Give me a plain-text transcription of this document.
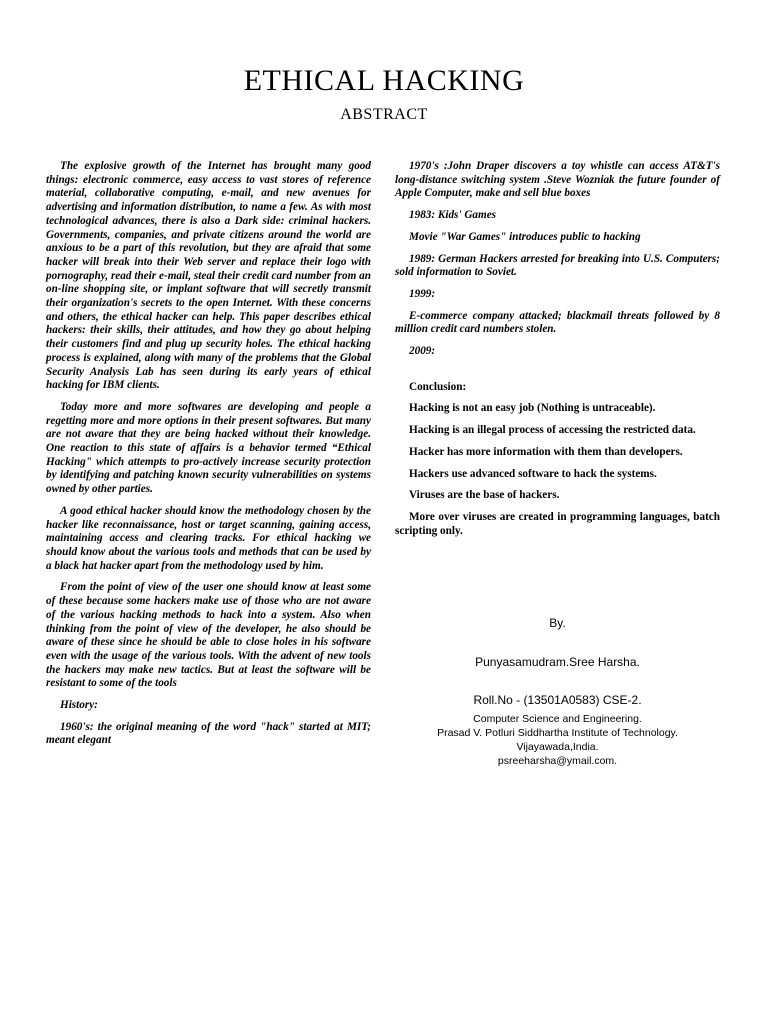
ETHICAL HACKING
ABSTRACT

The explosive growth of the Internet has brought many good things: electronic commerce, easy access to vast stores of reference material, collaborative computing, e-mail, and new avenues for advertising and information distribution, to name a few. As with most technological advances, there is also a Dark side: criminal hackers. Governments, companies, and private citizens around the world are anxious to be a part of this revolution, but they are afraid that some hacker will break into their Web server and replace their logo with pornography, read their e-mail, steal their credit card number from an on-line shopping site, or implant software that will secretly transmit their organization's secrets to the open Internet. With these concerns and others, the ethical hacker can help. This paper describes ethical hackers: their skills, their attitudes, and how they go about helping their customers find and plug up security holes. The ethical hacking process is explained, along with many of the problems that the Global Security Analysis Lab has seen during its early years of ethical hacking for IBM clients.

Today more and more softwares are developing and people a regetting more and more options in their present softwares. But many are not aware that they are being hacked without their knowledge. One reaction to this state of affairs is a behavior termed “Ethical Hacking" which attempts to pro-actively increase security protection by identifying and patching known security vulnerabilities on systems owned by other parties.

A good ethical hacker should know the methodology chosen by the hacker like reconnaissance, host or target scanning, gaining access, maintaining access and clearing tracks. For ethical hacking we should know about the various tools and methods that can be used by a black hat hacker apart from the methodology used by him.

From the point of view of the user one should know at least some of these because some hackers make use of those who are not aware of the various hacking methods to hack into a system. Also when thinking from the point of view of the developer, he also should be aware of these since he should be able to close holes in his software even with the usage of the various tools. With the advent of new tools the hackers may make new tactics. But at least the software will be resistant to some of the tools

History:

1960's: the original meaning of the word "hack" started at MIT; meant elegant

1970's :John Draper discovers a toy whistle can access AT&T's long-distance switching system .Steve Wozniak the future founder of Apple Computer, make and sell blue boxes

1983: Kids' Games

Movie "War Games" introduces public to hacking

1989: German Hackers arrested for breaking into U.S. Computers; sold information to Soviet.

1999:

E-commerce company attacked; blackmail threats followed by 8 million credit card numbers stolen.

2009:

Conclusion:

Hacking is not an easy job (Nothing is untraceable).

Hacking is an illegal process of accessing the restricted data.

Hacker has more information with them than developers.

Hackers use advanced software to hack the systems.

Viruses are the base of hackers.

More over viruses are created in programming languages, batch scripting only.

By.
Punyasamudram.Sree Harsha.
Roll.No - (13501A0583) CSE-2.
Computer Science and Engineering.
Prasad V. Potluri Siddhartha Institute of Technology.
Vijayawada,India.
psreeharsha@ymail.com.
